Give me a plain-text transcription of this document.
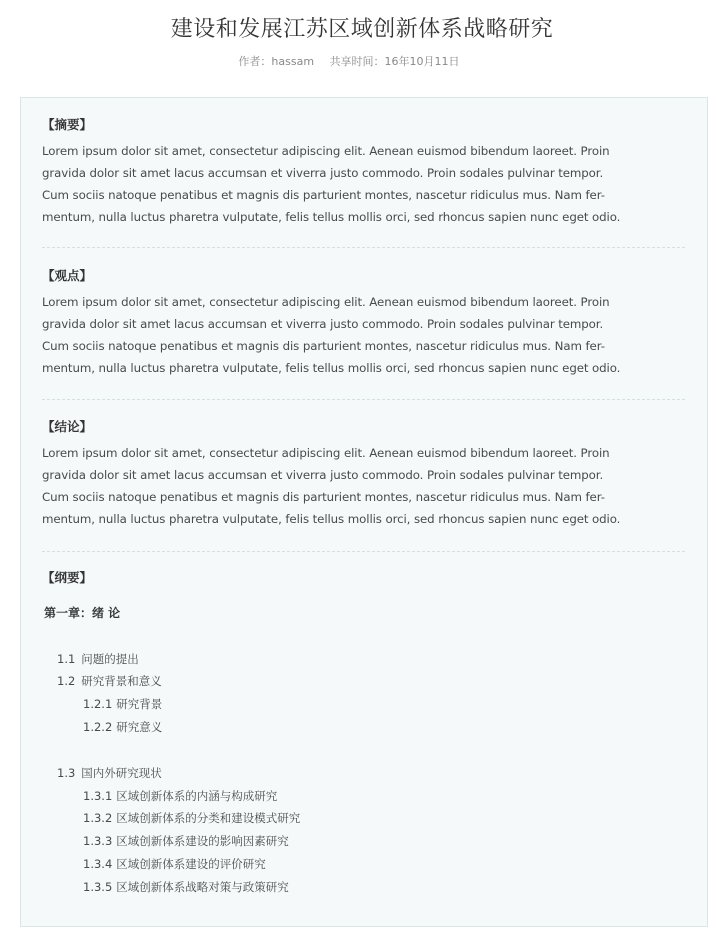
建设和发展江苏区域创新体系战略研究
作者：hassam 共享时间：16年10月11日
【摘要】
Lorem ipsum dolor sit amet, consectetur adipiscing elit. Aenean euismod bibendum laoreet. Proin
gravida dolor sit amet lacus accumsan et viverra justo commodo. Proin sodales pulvinar tempor.
Cum sociis natoque penatibus et magnis dis parturient montes, nascetur ridiculus mus. Nam fer-
mentum, nulla luctus pharetra vulputate, felis tellus mollis orci, sed rhoncus sapien nunc eget odio.
【观点】
Lorem ipsum dolor sit amet, consectetur adipiscing elit. Aenean euismod bibendum laoreet. Proin
gravida dolor sit amet lacus accumsan et viverra justo commodo. Proin sodales pulvinar tempor.
Cum sociis natoque penatibus et magnis dis parturient montes, nascetur ridiculus mus. Nam fer-
mentum, nulla luctus pharetra vulputate, felis tellus mollis orci, sed rhoncus sapien nunc eget odio.
【结论】
Lorem ipsum dolor sit amet, consectetur adipiscing elit. Aenean euismod bibendum laoreet. Proin
gravida dolor sit amet lacus accumsan et viverra justo commodo. Proin sodales pulvinar tempor.
Cum sociis natoque penatibus et magnis dis parturient montes, nascetur ridiculus mus. Nam fer-
mentum, nulla luctus pharetra vulputate, felis tellus mollis orci, sed rhoncus sapien nunc eget odio.
【纲要】
第一章：绪 论
1.1 问题的提出
1.2 研究背景和意义
1.2.1 研究背景
1.2.2 研究意义
1.3 国内外研究现状
1.3.1 区域创新体系的内涵与构成研究
1.3.2 区域创新体系的分类和建设模式研究
1.3.3 区域创新体系建设的影响因素研究
1.3.4 区域创新体系建设的评价研究
1.3.5 区域创新体系战略对策与政策研究
